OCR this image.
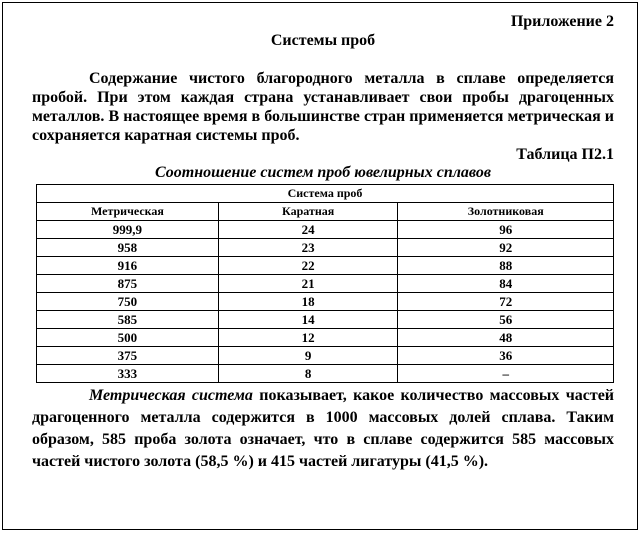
Приложение 2
Системы проб

Содержание чистого благородного металла в сплаве определяется пробой. При этом каждая страна устанавливает свои пробы драгоценных металлов. В настоящее время в большинстве стран применяется метрическая и сохраняется каратная системы проб.

Таблица П2.1
Соотношение систем проб ювелирных сплавов
Система проб		
Метрическая	Каратная	Золотниковая
999,9	24	96
958	23	92
916	22	88
875	21	84
750	18	72
585	14	56
500	12	48
375	9	36
333	8	–

Метрическая система показывает, какое количество массовых частей драгоценного металла содержится в 1000 массовых долей сплава. Таким образом, 585 проба золота означает, что в сплаве содержится 585 массовых частей чистого золота (58,5 %) и 415 частей лигатуры (41,5 %).
